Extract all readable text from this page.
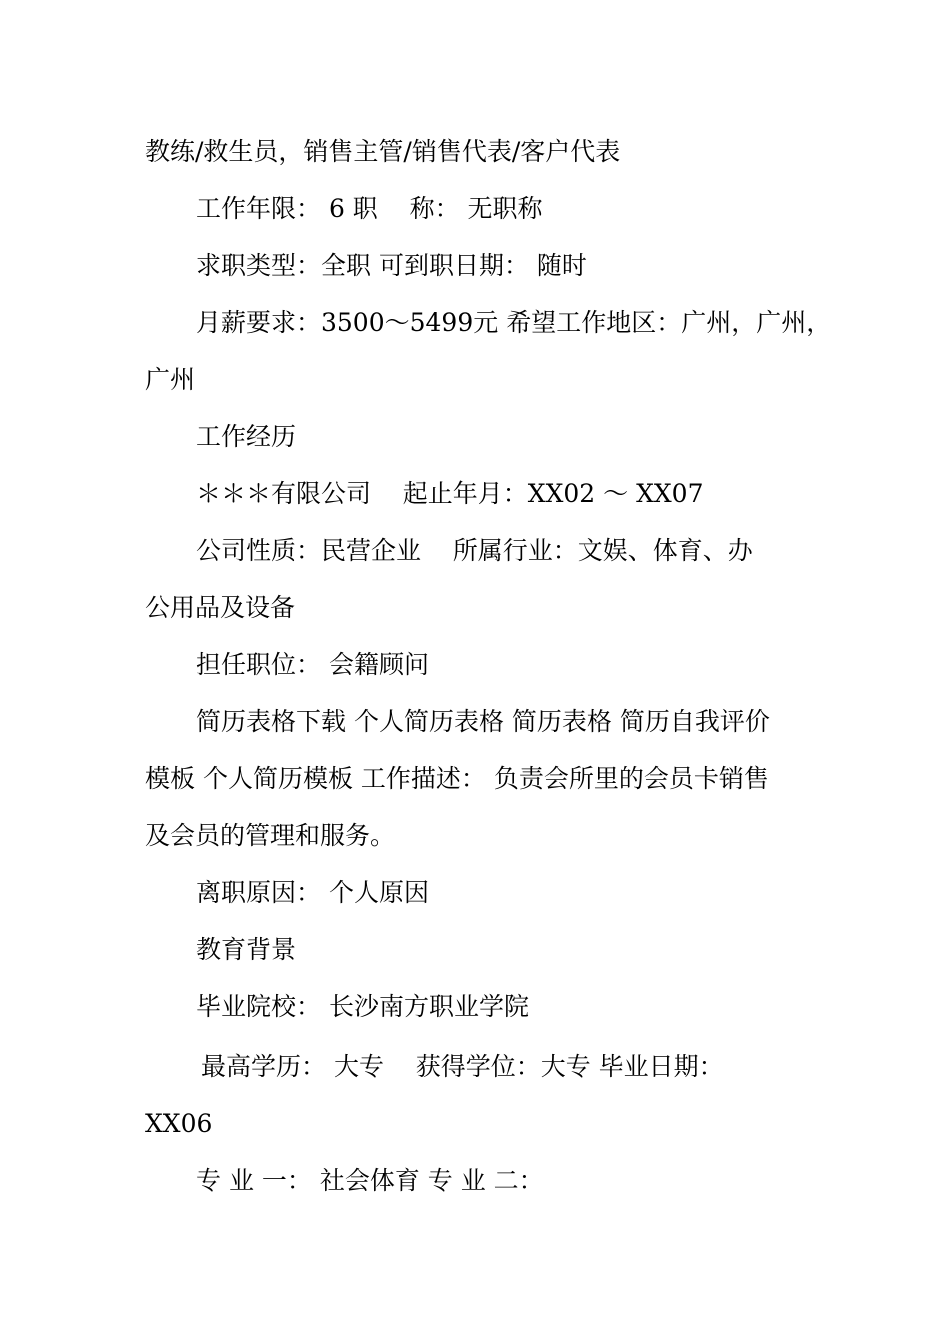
教练/救生员，销售主管/销售代表/客户代表
工作年限： 6 职    称： 无职称
求职类型：全职 可到职日期： 随时
月薪要求：3500～5499元 希望工作地区：广州，广州，
广州
工作经历
＊＊＊有限公司    起止年月：XX02 ～ XX07
公司性质：民营企业    所属行业：文娱、体育、办
公用品及设备
担任职位： 会籍顾问
简历表格下载 个人简历表格 简历表格 简历自我评价
模板 个人简历模板 工作描述： 负责会所里的会员卡销售
及会员的管理和服务。
离职原因： 个人原因
教育背景
毕业院校： 长沙南方职业学院
最高学历： 大专    获得学位：大专 毕业日期：
XX06
专 业 一： 社会体育 专 业 二：
